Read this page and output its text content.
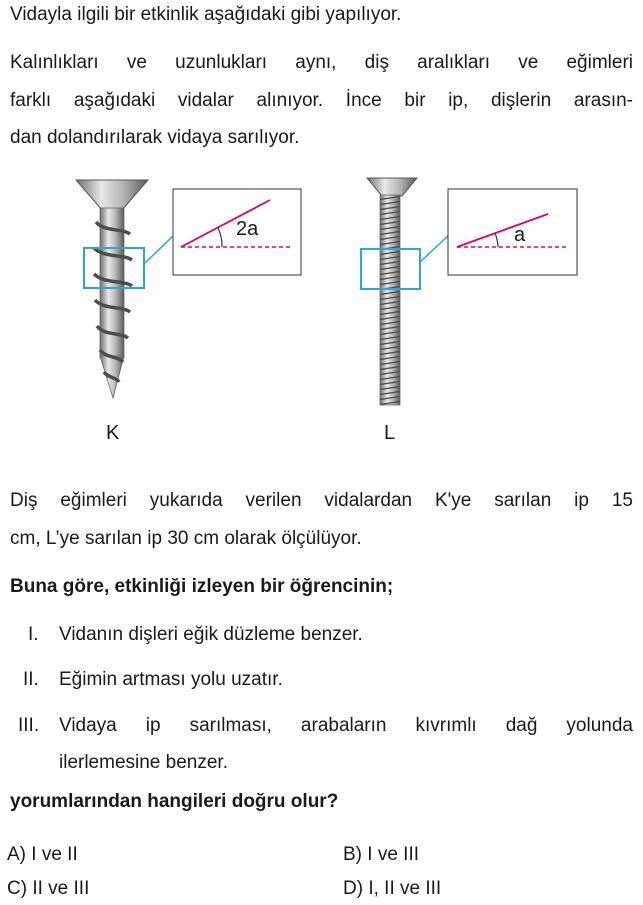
Vidayla ilgili bir etkinlik aşağıdaki gibi yapılıyor.

Kalınlıkları ve uzunlukları aynı, diş aralıkları ve eğimleri

farklı aşağıdaki vidalar alınıyor. İnce bir ip, dişlerin arasın-

dan dolandırılarak vidaya sarılıyor.

2a	a
K	L

Diş eğimleri yukarıda verilen vidalardan K'ye sarılan ip 15

cm, L’ye sarılan ip 30 cm olarak ölçülüyor.

Buna göre, etkinliği izleyen bir öğrencinin;

I. Vidanın dişleri eğik düzleme benzer.
II. Eğimin artması yolu uzatır.
III. Vidaya ip sarılması, arabaların kıvrımlı dağ yolunda
ilerlemesine benzer.

yorumlarından hangileri doğru olur?

A) I ve II	B) I ve III
C) II ve III	D) I, II ve III
